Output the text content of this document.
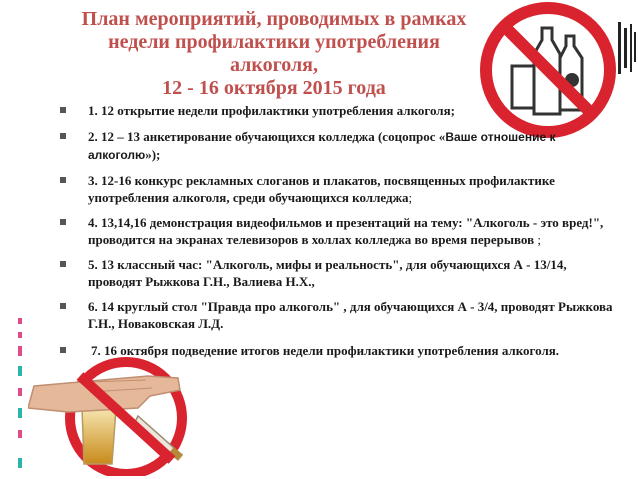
План мероприятий, проводимых в рамках
недели профилактики употребления
алкоголя,
12 - 16 октября 2015 года
1. 12 открытие недели профилактики употребления алкоголя;
2. 12 – 13 анкетирование обучающихся колледжа (соцопрос «Ваше отношение к алкоголю»);
3. 12-16 конкурс рекламных слоганов и плакатов, посвященных профилактике употребления алкоголя, среди обучающихся колледжа;
4. 13,14,16 демонстрация видеофильмов и презентаций на тему: "Алкоголь - это вред!", проводится на экранах телевизоров в холлах колледжа во время перерывов ;
5. 13 классный час: "Алкоголь, мифы и реальность", для обучающихся А - 13/14, проводят Рыжкова Г.Н., Валиева Н.Х.,
6. 14 круглый стол "Правда про алкоголь" , для обучающихся А - 3/4, проводят Рыжкова Г.Н., Новаковская Л.Д.
7. 16 октября подведение итогов недели профилактики употребления алкоголя.
